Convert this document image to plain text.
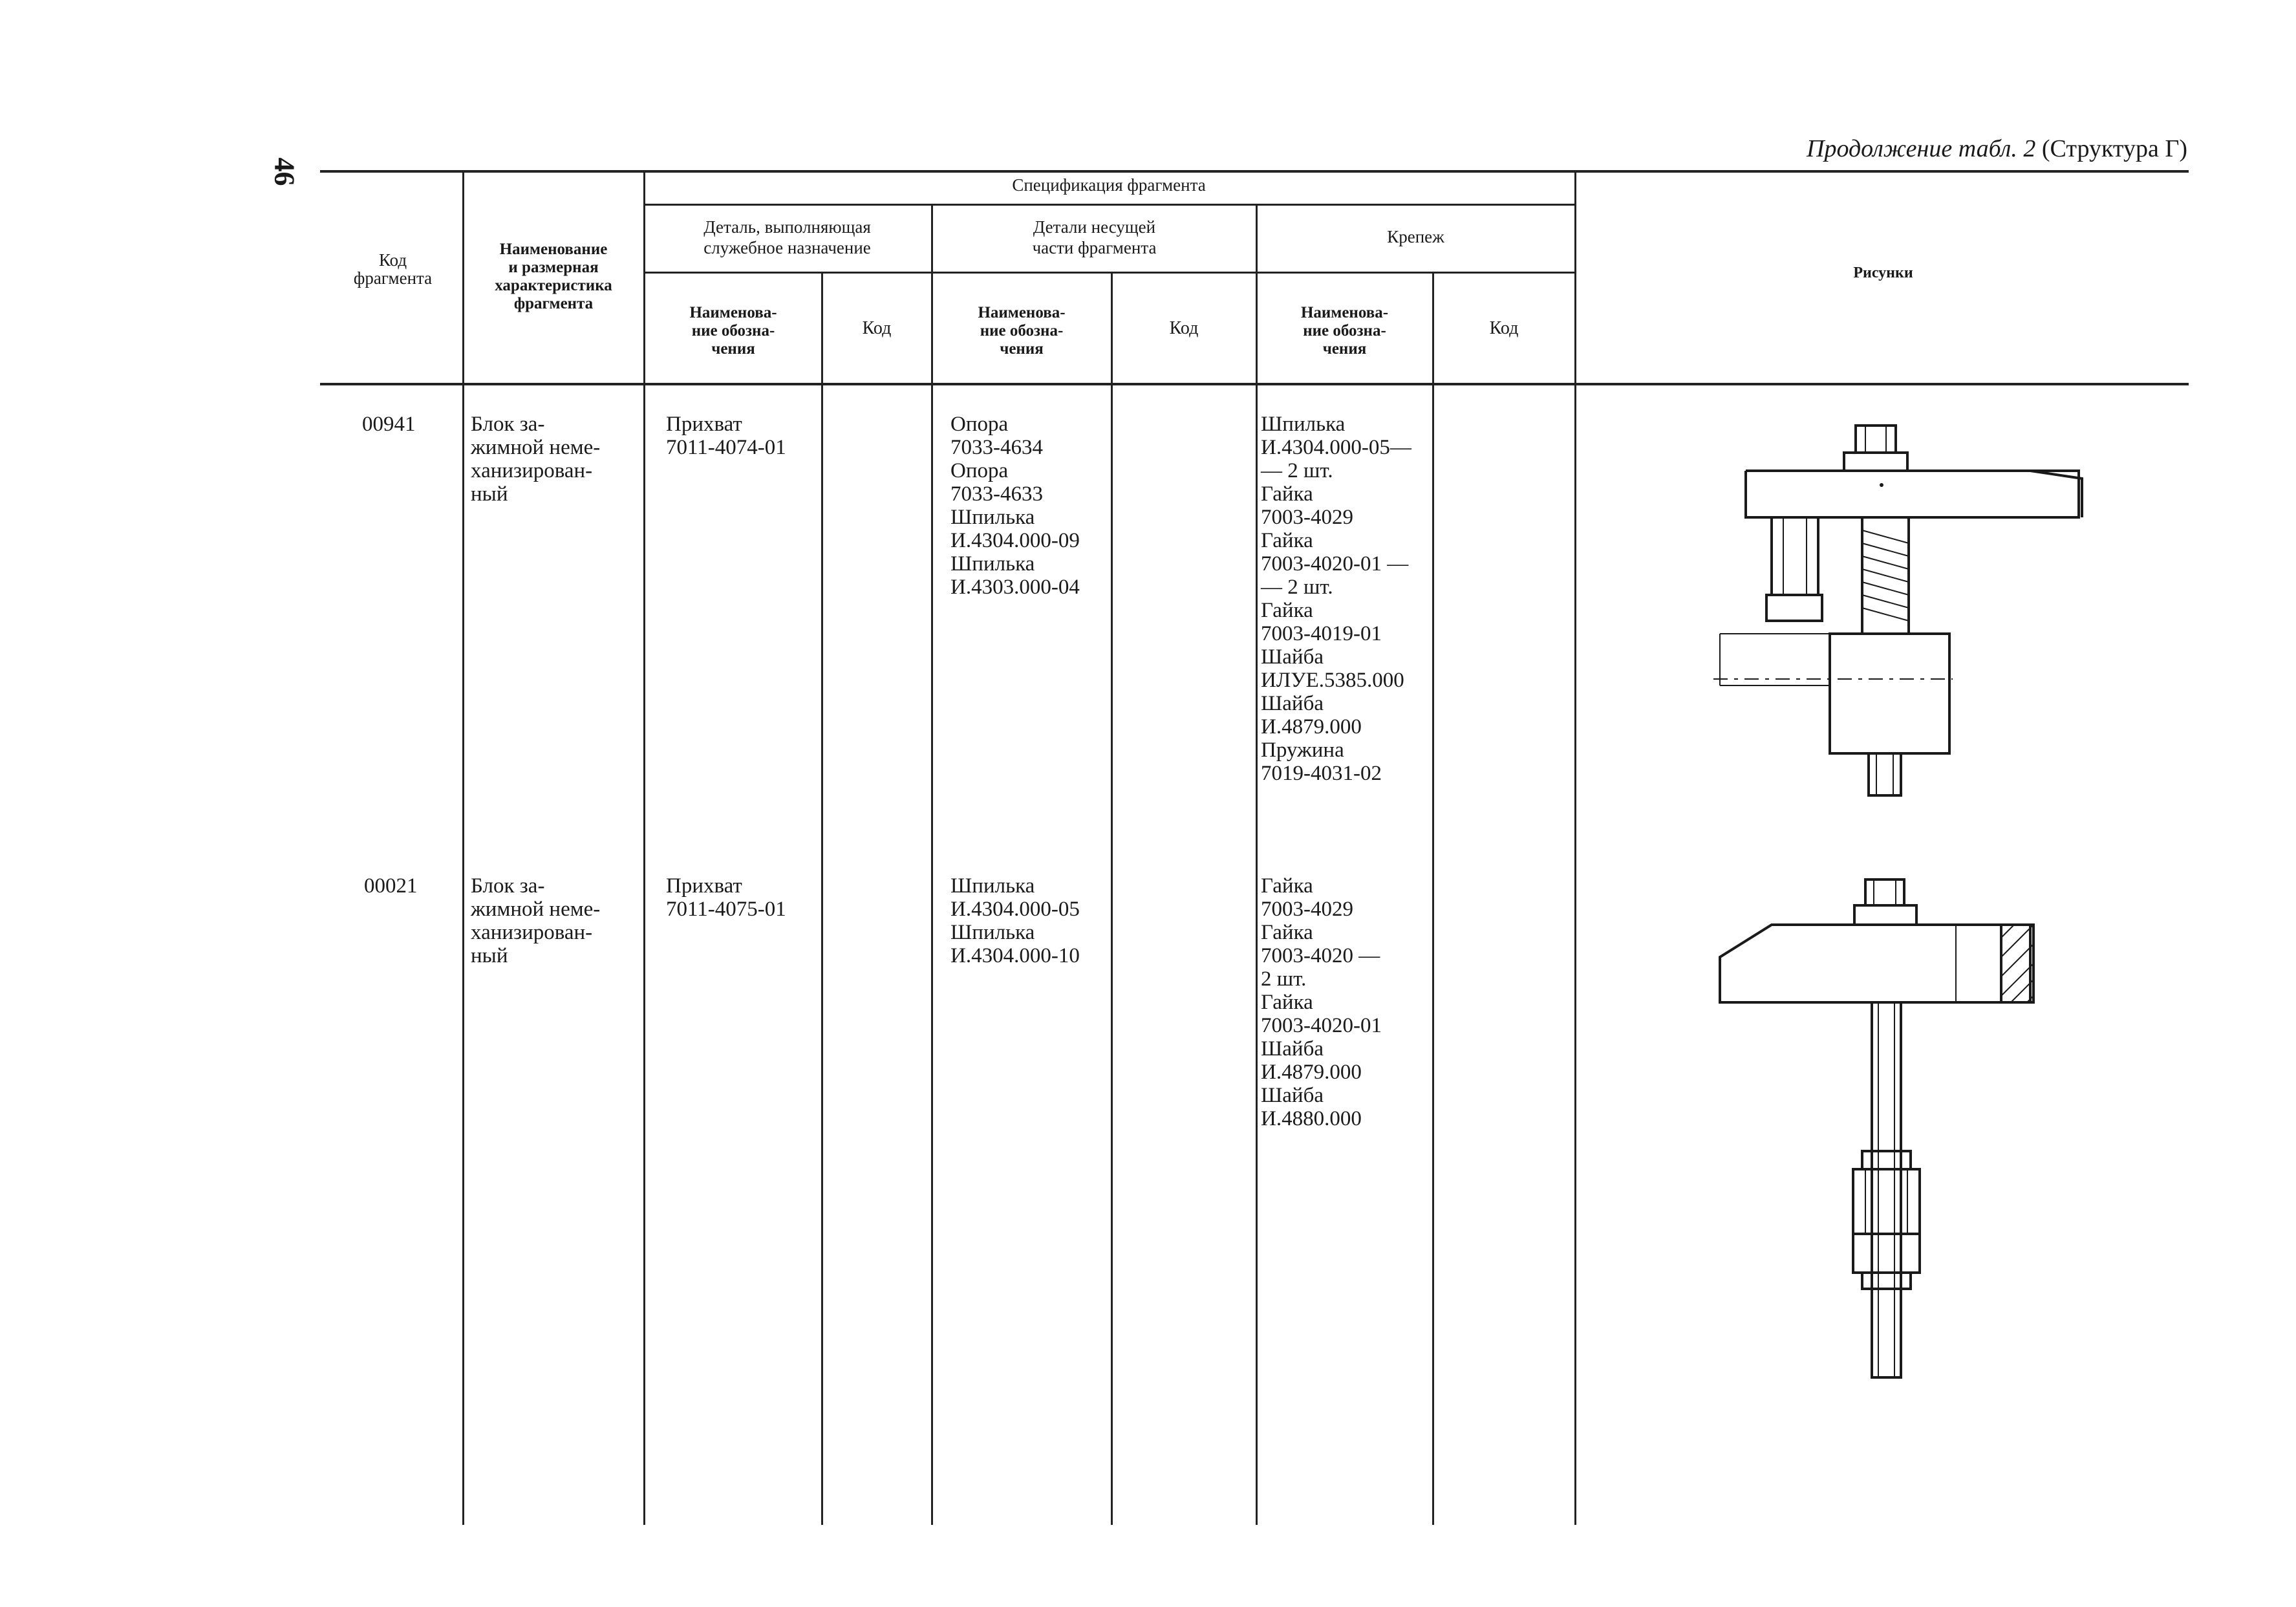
46
Продолжение табл. 2 (Структура Г)
Код
фрагмента
Наименование
и размерная
характеристика
фрагмента
Спецификация фрагмента
Деталь, выполняющая
служебное назначение
Детали несущей
части фрагмента
Крепеж
Рисунки
Наименова-
ние обозна-
чения
Код
Наименова-
ние обозна-
чения
Код
Наименова-
ние обозна-
чения
Код
00941	Блок за-
жимной неме-
ханизирован-
ный
Прихват
7011-4074-01
Опора
7033-4634
Опора
7033-4633
Шпилька
И.4304.000-09
Шпилька
И.4303.000-04
Шпилька
И.4304.000-05—
— 2 шт.
Гайка
7003-4029
Гайка
7003-4020-01 —
— 2 шт.
Гайка
7003-4019-01
Шайба
ИЛУЕ.5385.000
Шайба
И.4879.000
Пружина
7019-4031-02
00021	Блок за-
жимной неме-
ханизирован-
ный
Прихват
7011-4075-01
Шпилька
И.4304.000-05
Шпилька
И.4304.000-10
Гайка
7003-4029
Гайка
7003-4020 —
2 шт.
Гайка
7003-4020-01
Шайба
И.4879.000
Шайба
И.4880.000
